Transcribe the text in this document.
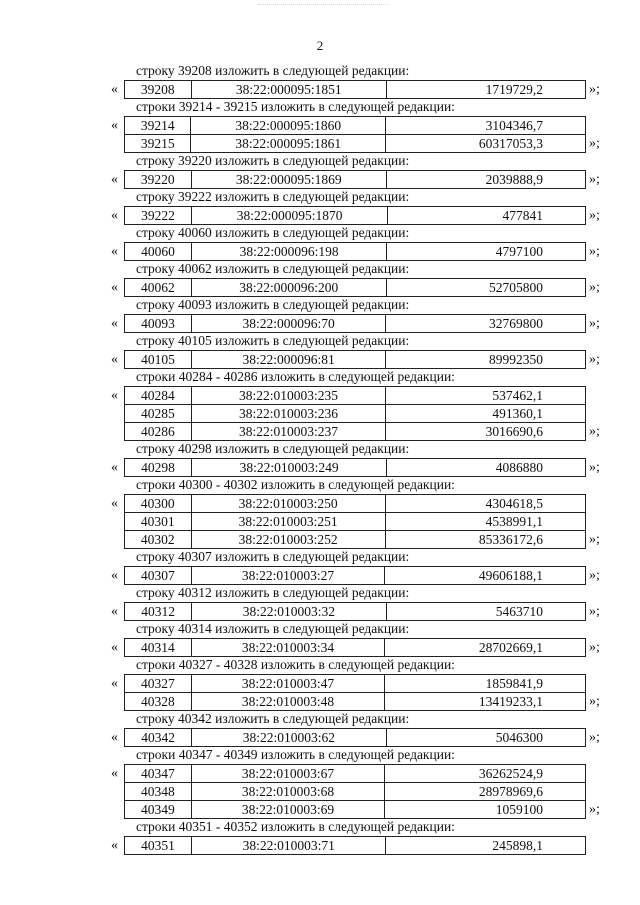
2
строку 39208 изложить в следующей редакции:
« 39208	38:22:000095:1851	1719729,2	»;
строки 39214 - 39215 изложить в следующей редакции:
« 39214	38:22:000095:1860	3104346,7
39215	38:22:000095:1861	60317053,3	»;
строку 39220 изложить в следующей редакции:
« 39220	38:22:000095:1869	2039888,9	»;
строку 39222 изложить в следующей редакции:
« 39222	38:22:000095:1870	477841	»;
строку 40060 изложить в следующей редакции:
« 40060	38:22:000096:198	4797100	»;
строку 40062 изложить в следующей редакции:
« 40062	38:22:000096:200	52705800	»;
строку 40093 изложить в следующей редакции:
« 40093	38:22:000096:70	32769800	»;
строку 40105 изложить в следующей редакции:
« 40105	38:22:000096:81	89992350	»;
строки 40284 - 40286 изложить в следующей редакции:
« 40284	38:22:010003:235	537462,1
40285	38:22:010003:236	491360,1
40286	38:22:010003:237	3016690,6	»;
строку 40298 изложить в следующей редакции:
« 40298	38:22:010003:249	4086880	»;
строки 40300 - 40302 изложить в следующей редакции:
« 40300	38:22:010003:250	4304618,5
40301	38:22:010003:251	4538991,1
40302	38:22:010003:252	85336172,6	»;
строку 40307 изложить в следующей редакции:
« 40307	38:22:010003:27	49606188,1	»;
строку 40312 изложить в следующей редакции:
« 40312	38:22:010003:32	5463710	»;
строку 40314 изложить в следующей редакции:
« 40314	38:22:010003:34	28702669,1	»;
строки 40327 - 40328 изложить в следующей редакции:
« 40327	38:22:010003:47	1859841,9
40328	38:22:010003:48	13419233,1	»;
строку 40342 изложить в следующей редакции:
« 40342	38:22:010003:62	5046300	»;
строки 40347 - 40349 изложить в следующей редакции:
« 40347	38:22:010003:67	36262524,9
40348	38:22:010003:68	28978969,6
40349	38:22:010003:69	1059100	»;
строки 40351 - 40352 изложить в следующей редакции:
« 40351	38:22:010003:71	245898,1
